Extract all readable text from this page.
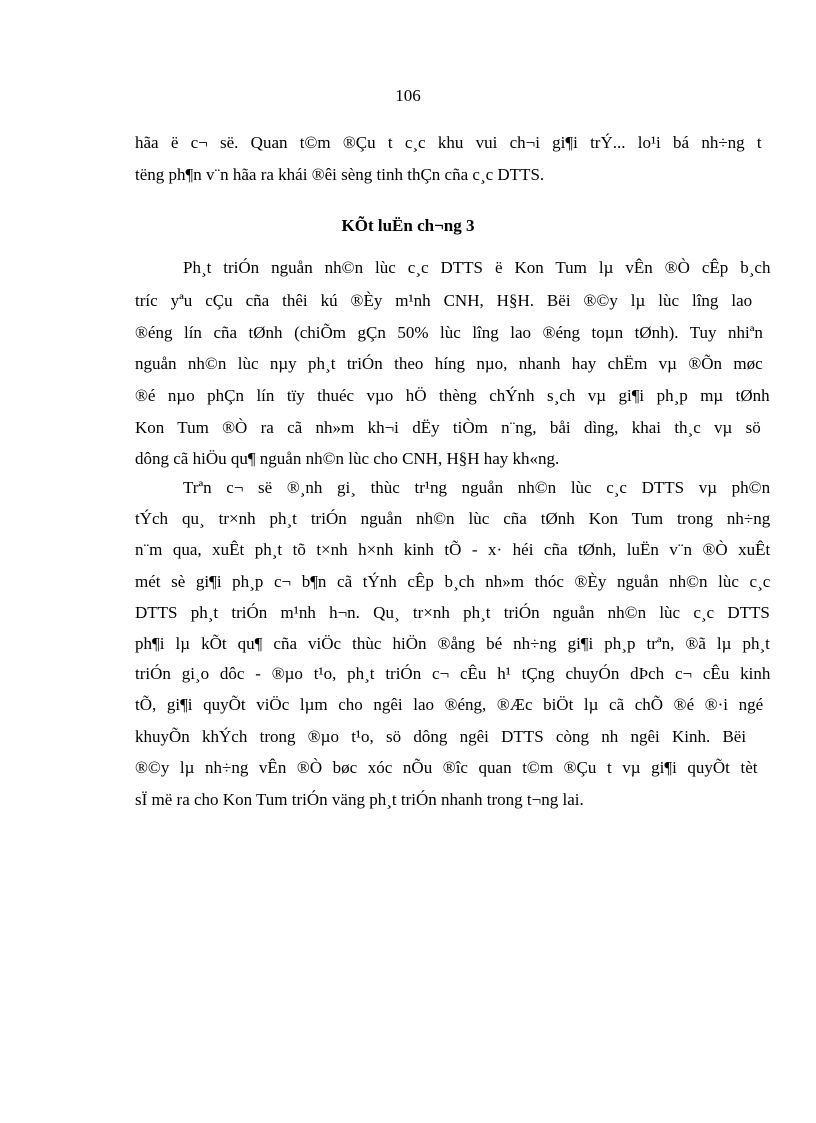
106
hãa ë c¬ së. Quan t©m ®Çu t c¸c khu vui ch¬i gi¶i trÝ... lo¹i bá nh÷ng t
tëng ph¶n v¨n hãa ra khái ®êi sèng tinh thÇn cña c¸c DTTS.
KÕt luËn ch¬ng 3
Ph¸t triÓn nguån nh©n lùc c¸c DTTS ë Kon Tum lµ vÊn ®Ò cÊp b¸ch
tríc yªu cÇu cña thêi kú ®Èy m¹nh CNH, H§H. Bëi ®©y lµ lùc lîng lao
®éng lín cña tØnh (chiÕm gÇn 50% lùc lîng lao ®éng toµn tØnh). Tuy nhiªn
nguån nh©n lùc nµy ph¸t triÓn theo híng nµo, nhanh hay chËm vµ ®Õn møc
®é nµo phÇn lín tïy thuéc vµo hÖ thèng chÝnh s¸ch vµ gi¶i ph¸p mµ tØnh
Kon Tum ®Ò ra cã nh»m kh¬i dËy tiÒm n¨ng, båi dìng, khai th¸c vµ sö
dông cã hiÖu qu¶ nguån nh©n lùc cho CNH, H§H hay kh«ng.
Trªn c¬ së ®¸nh gi¸ thùc tr¹ng nguån nh©n lùc c¸c DTTS vµ ph©n
tÝch qu¸ tr×nh ph¸t triÓn nguån nh©n lùc cña tØnh Kon Tum trong nh÷ng
n¨m qua, xuÊt ph¸t tõ t×nh h×nh kinh tÕ - x· héi cña tØnh, luËn v¨n ®Ò xuÊt
mét sè gi¶i ph¸p c¬ b¶n cã tÝnh cÊp b¸ch nh»m thóc ®Èy nguån nh©n lùc c¸c
DTTS ph¸t triÓn m¹nh h¬n. Qu¸ tr×nh ph¸t triÓn nguån nh©n lùc c¸c DTTS
ph¶i lµ kÕt qu¶ cña viÖc thùc hiÖn ®ång bé nh÷ng gi¶i ph¸p trªn, ®ã lµ ph¸t
triÓn gi¸o dôc - ®µo t¹o, ph¸t triÓn c¬ cÊu h¹ tÇng chuyÓn dÞch c¬ cÊu kinh
tÕ, gi¶i quyÕt viÖc lµm cho ngêi lao ®éng, ®Æc biÖt lµ cã chÕ ®é ®·i ngé
khuyÕn khÝch trong ®µo t¹o, sö dông ngêi DTTS còng nh ngêi Kinh. Bëi
®©y lµ nh÷ng vÊn ®Ò bøc xóc nÕu ®îc quan t©m ®Çu t vµ gi¶i quyÕt tèt
sÏ më ra cho Kon Tum triÓn väng ph¸t triÓn nhanh trong t¬ng lai.
